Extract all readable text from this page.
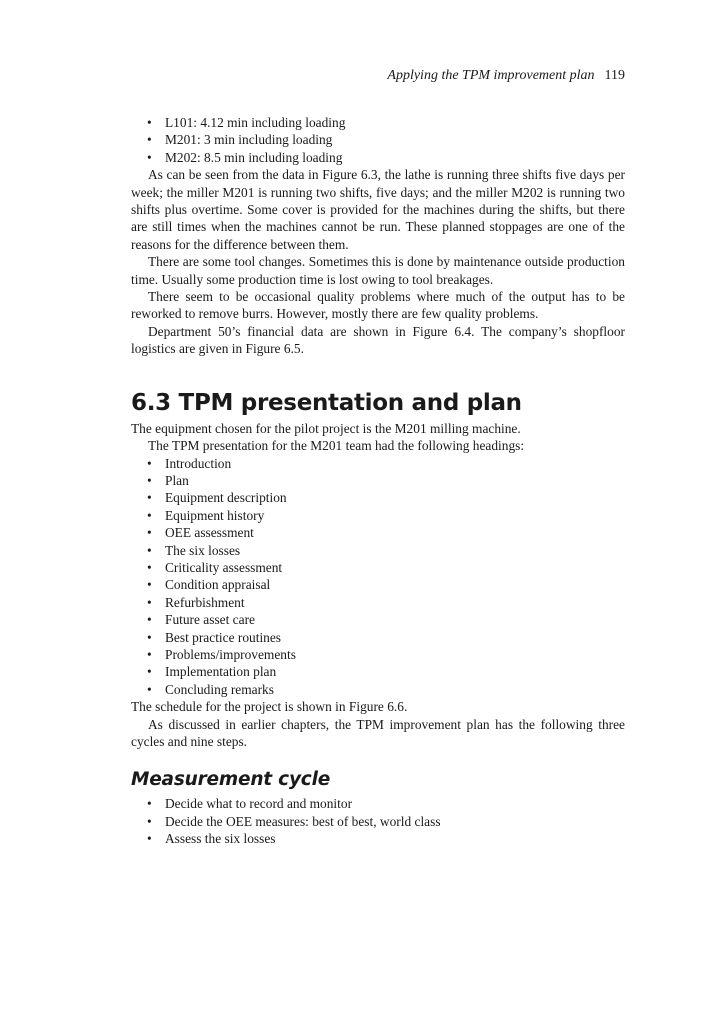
Applying the TPM improvement plan 119
• L101: 4.12 min including loading
• M201: 3 min including loading
• M202: 8.5 min including loading

As can be seen from the data in Figure 6.3, the lathe is running three shifts five days per week; the miller M201 is running two shifts, five days; and the miller M202 is running two shifts plus overtime. Some cover is provided for the machines during the shifts, but there are still times when the machines cannot be run. These planned stoppages are one of the reasons for the difference between them.

There are some tool changes. Sometimes this is done by maintenance outside production time. Usually some production time is lost owing to tool breakages.

There seem to be occasional quality problems where much of the output has to be reworked to remove burrs. However, mostly there are few quality problems.

Department 50’s financial data are shown in Figure 6.4. The company’s shopfloor logistics are given in Figure 6.5.

6.3 TPM presentation and plan

The equipment chosen for the pilot project is the M201 milling machine.

The TPM presentation for the M201 team had the following headings:

• Introduction
• Plan
• Equipment description
• Equipment history
• OEE assessment
• The six losses
• Criticality assessment
• Condition appraisal
• Refurbishment
• Future asset care
• Best practice routines
• Problems/improvements
• Implementation plan
• Concluding remarks

The schedule for the project is shown in Figure 6.6.

As discussed in earlier chapters, the TPM improvement plan has the following three cycles and nine steps.

Measurement cycle
• Decide what to record and monitor
• Decide the OEE measures: best of best, world class
• Assess the six losses
